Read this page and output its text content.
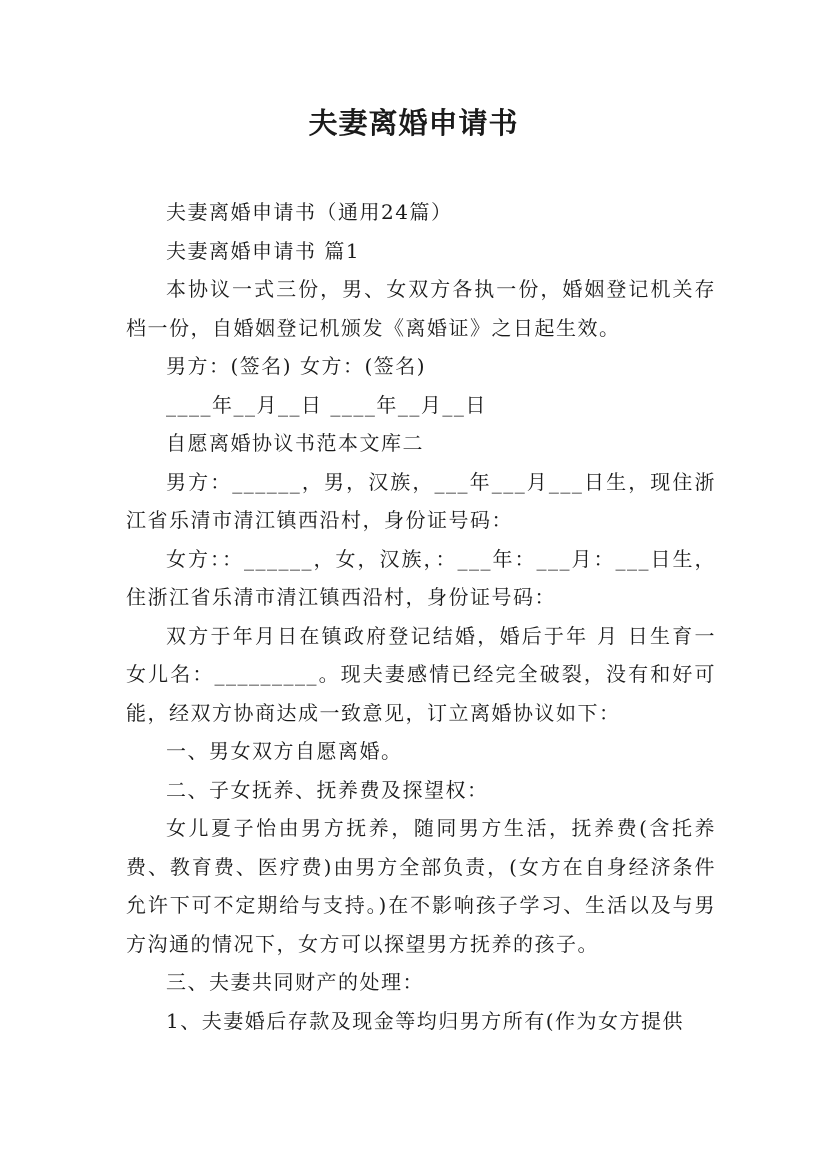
夫妻离婚申请书

夫妻离婚申请书（通用24篇）

夫妻离婚申请书 篇1

本协议一式三份，男、女双方各执一份，婚姻登记机关存档一份，自婚姻登记机颁发《离婚证》之日起生效。

男方：(签名) 女方：(签名)

____年__月__日 ____年__月__日

自愿离婚协议书范本文库二

男方：______，男，汉族，___年___月___日生，现住浙江省乐清市清江镇西沿村，身份证号码：

女方：：______，女，汉族，：___年：___月：___日生，住浙江省乐清市清江镇西沿村，身份证号码：

双方于年月日在镇政府登记结婚，婚后于年 月 日生育一女儿名：_________。现夫妻感情已经完全破裂，没有和好可能，经双方协商达成一致意见，订立离婚协议如下：

一、男女双方自愿离婚。

二、子女抚养、抚养费及探望权：

女儿夏子怡由男方抚养，随同男方生活，抚养费(含托养费、教育费、医疗费)由男方全部负责，(女方在自身经济条件允许下可不定期给与支持。)在不影响孩子学习、生活以及与男方沟通的情况下，女方可以探望男方抚养的孩子。

三、夫妻共同财产的处理：

1、夫妻婚后存款及现金等均归男方所有(作为女方提供
